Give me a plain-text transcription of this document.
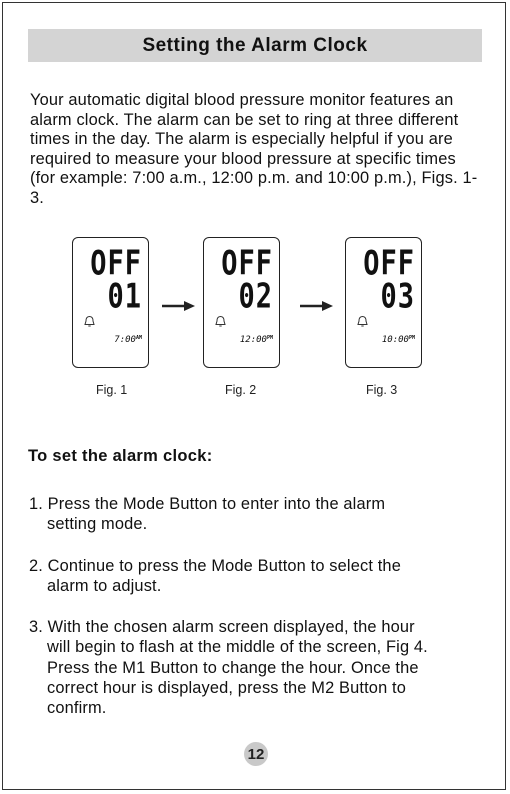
Setting the Alarm Clock

Your automatic digital blood pressure monitor features an alarm clock. The alarm can be set to ring at three different times in the day. The alarm is especially helpful if you are required to measure your blood pressure at specific times (for example: 7:00 a.m., 12:00 p.m. and 10:00 p.m.), Figs. 1-3.

OFF
01
$7:00^{AM}$
Fig. 1
OFF
02
$12:00^{PM}$
Fig. 2
OFF
03
$10:00^{PM}$
Fig. 3
To set the alarm clock:
1. Press the Mode Button to enter into the alarm
setting mode.
2. Continue to press the Mode Button to select the
alarm to adjust.
3. With the chosen alarm screen displayed, the hour
will begin to flash at the middle of the screen, Fig 4.
Press the M1 Button to change the hour. Once the
correct hour is displayed, press the M2 Button to
confirm.
12
